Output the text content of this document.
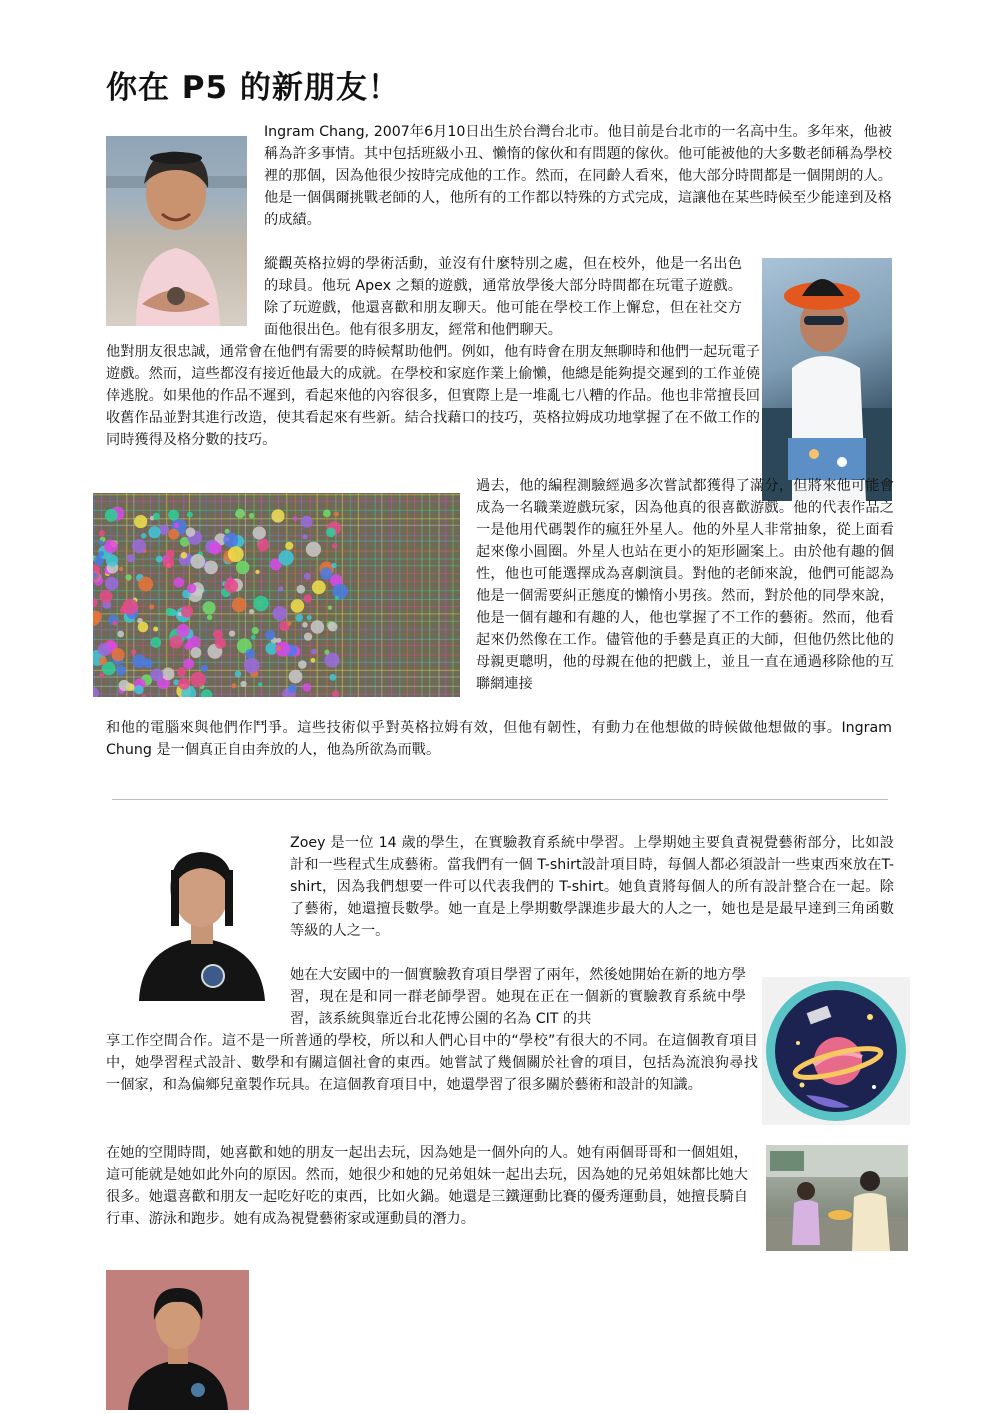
你在 P5 的新朋友！

Ingram Chang, 2007年6月10日出生於台灣台北市。他目前是台北市的一名高中生。多年來，他被稱為許多事情。其中包括班級小丑、懶惰的傢伙和有問題的傢伙。他可能被他的大多數老師稱為學校裡的那個，因為他很少按時完成他的工作。然而，在同齡人看來，他大部分時間都是一個開朗的人。他是一個偶爾挑戰老師的人，他所有的工作都以特殊的方式完成，這讓他在某些時候至少能達到及格的成績。

縱觀英格拉姆的學術活動，並沒有什麼特別之處，但在校外，他是一名出色的球員。他玩 Apex 之類的遊戲，通常放學後大部分時間都在玩電子遊戲。除了玩遊戲，他還喜歡和朋友聊天。他可能在學校工作上懈怠，但在社交方面他很出色。他有很多朋友，經常和他們聊天。

他對朋友很忠誠，通常會在他們有需要的時候幫助他們。例如，他有時會在朋友無聊時和他們一起玩電子遊戲。然而，這些都沒有接近他最大的成就。在學校和家庭作業上偷懶，他總是能夠提交遲到的工作並僥倖逃脫。如果他的作品不遲到，看起來他的內容很多，但實際上是一堆亂七八糟的作品。他也非常擅長回收舊作品並對其進行改造，使其看起來有些新。結合找藉口的技巧，英格拉姆成功地掌握了在不做工作的同時獲得及格分數的技巧。

過去，他的編程測驗經過多次嘗試都獲得了滿分，但將來他可能會成為一名職業遊戲玩家，因為他真的很喜歡游戲。他的代表作品之一是他用代碼製作的瘋狂外星人。他的外星人非常抽象，從上面看起來像小圓圈。外星人也站在更小的矩形圖案上。由於他有趣的個性，他也可能選擇成為喜劇演員。對他的老師來說，他們可能認為他是一個需要糾正態度的懶惰小男孩。然而，對於他的同學來說，他是一個有趣和有趣的人，他也掌握了不工作的藝術。然而，他看起來仍然像在工作。儘管他的手藝是真正的大師，但他仍然比他的母親更聰明，他的母親在他的把戲上，並且一直在通過移除他的互聯網連接

和他的電腦來與他們作鬥爭。這些技術似乎對英格拉姆有效，但他有韌性，有動力在他想做的時候做他想做的事。Ingram Chung 是一個真正自由奔放的人，他為所欲為而戰。

Zoey 是一位 14 歲的學生，在實驗教育系統中學習。上學期她主要負責視覺藝術部分，比如設計和一些程式生成藝術。當我們有一個 T-shirt設計項目時，每個人都必須設計一些東西來放在T-shirt，因為我們想要一件可以代表我們的 T-shirt。她負責將每個人的所有設計整合在一起。除了藝術，她還擅長數學。她一直是上學期數學課進步最大的人之一，她也是是最早達到三角函數等級的人之一。

她在大安國中的一個實驗教育項目學習了兩年，然後她開始在新的地方學習，現在是和同一群老師學習。她現在正在一個新的實驗教育系統中學習，該系統與靠近台北花博公園的名為 CIT 的共

享工作空間合作。這不是一所普通的學校，所以和人們心目中的“學校”有很大的不同。在這個教育項目中，她學習程式設計、數學和有關這個社會的東西。她嘗試了幾個關於社會的項目，包括為流浪狗尋找一個家，和為偏鄉兒童製作玩具。在這個教育項目中，她還學習了很多關於藝術和設計的知識。

在她的空閒時間，她喜歡和她的朋友一起出去玩，因為她是一個外向的人。她有兩個哥哥和一個姐姐，這可能就是她如此外向的原因。然而，她很少和她的兄弟姐妹一起出去玩，因為她的兄弟姐妹都比她大很多。她還喜歡和朋友一起吃好吃的東西，比如火鍋。她還是三鐵運動比賽的優秀運動員，她擅長騎自行車、游泳和跑步。她有成為視覺藝術家或運動員的潛力。
